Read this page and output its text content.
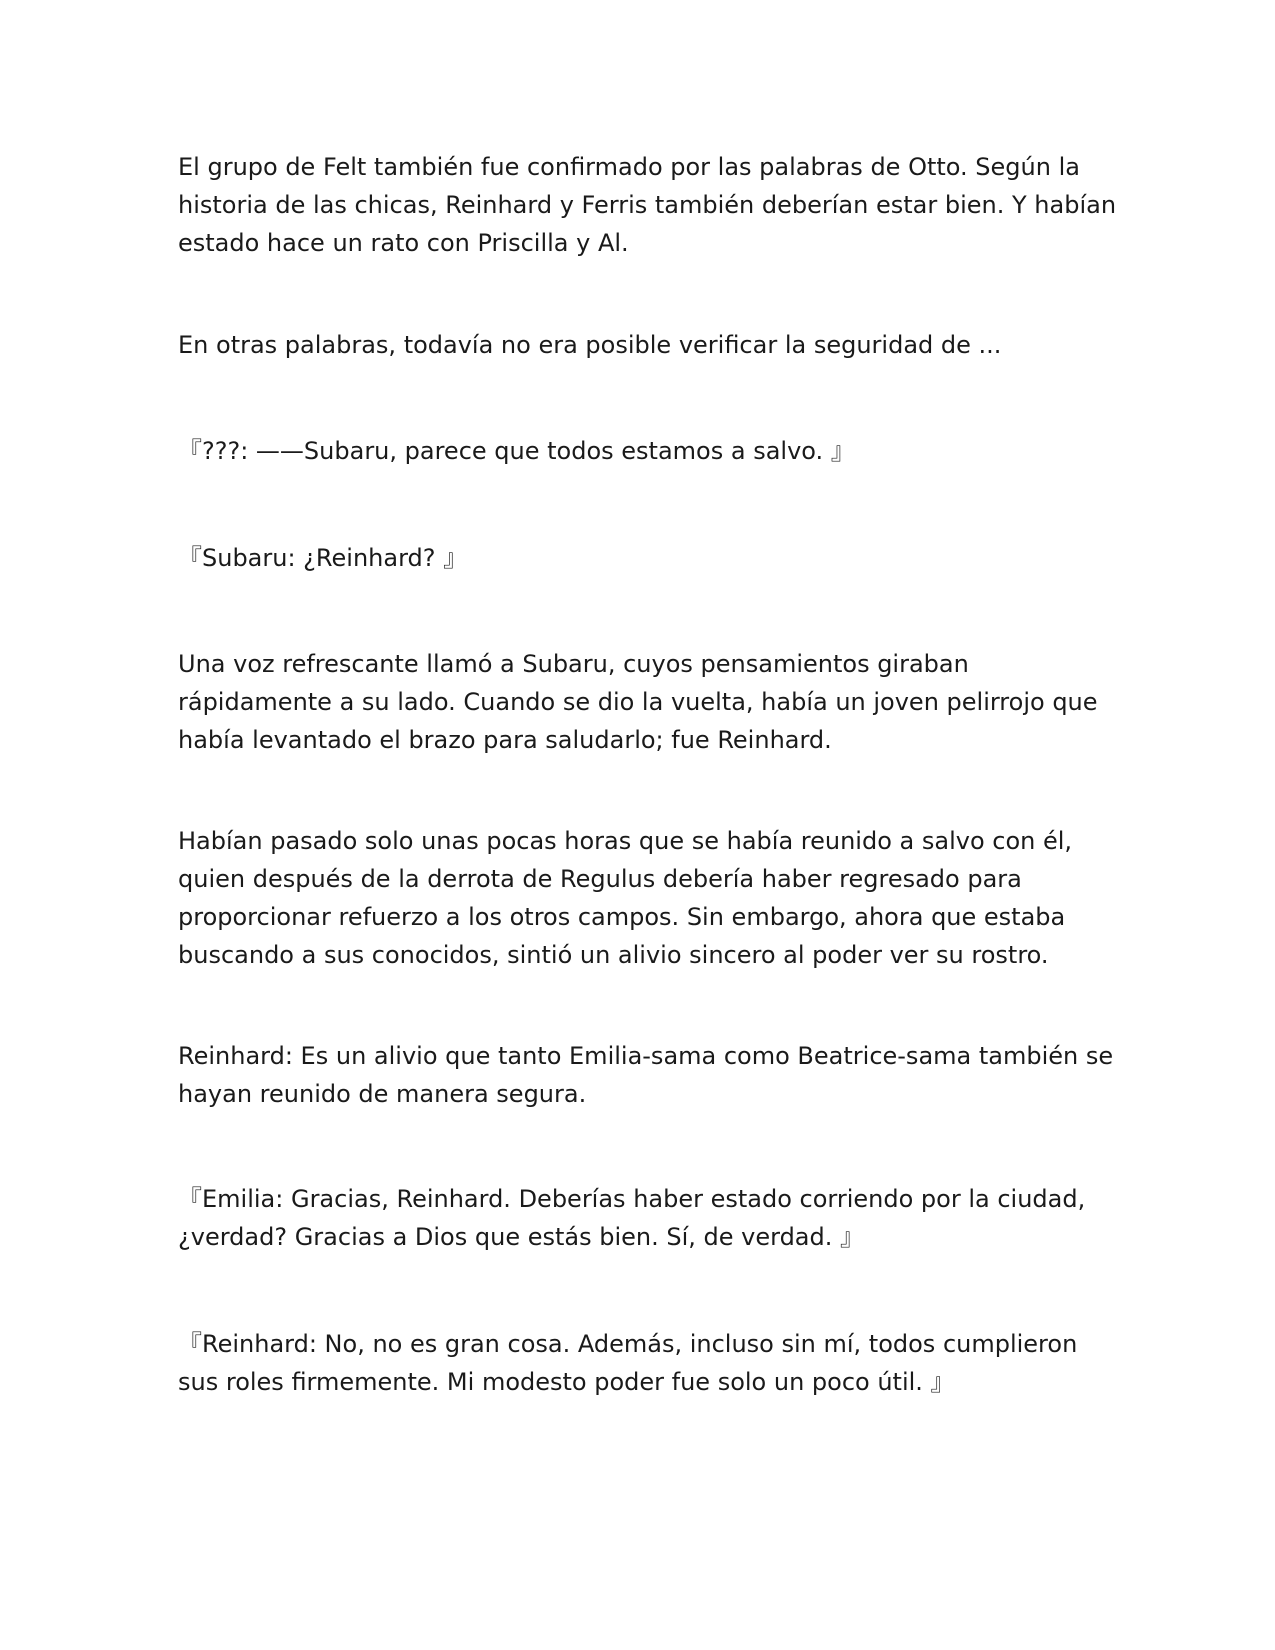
El grupo de Felt también fue confirmado por las palabras de Otto. Según la
historia de las chicas, Reinhard y Ferris también deberían estar bien. Y habían
estado hace un rato con Priscilla y Al.

En otras palabras, todavía no era posible verificar la seguridad de ...

『???: ——Subaru, parece que todos estamos a salvo. 』

『Subaru: ¿Reinhard? 』

Una voz refrescante llamó a Subaru, cuyos pensamientos giraban
rápidamente a su lado. Cuando se dio la vuelta, había un joven pelirrojo que
había levantado el brazo para saludarlo; fue Reinhard.

Habían pasado solo unas pocas horas que se había reunido a salvo con él,
quien después de la derrota de Regulus debería haber regresado para
proporcionar refuerzo a los otros campos. Sin embargo, ahora que estaba
buscando a sus conocidos, sintió un alivio sincero al poder ver su rostro.

Reinhard: Es un alivio que tanto Emilia-sama como Beatrice-sama también se
hayan reunido de manera segura.

『Emilia: Gracias, Reinhard. Deberías haber estado corriendo por la ciudad,
¿verdad? Gracias a Dios que estás bien. Sí, de verdad. 』

『Reinhard: No, no es gran cosa. Además, incluso sin mí, todos cumplieron
sus roles firmemente. Mi modesto poder fue solo un poco útil. 』
